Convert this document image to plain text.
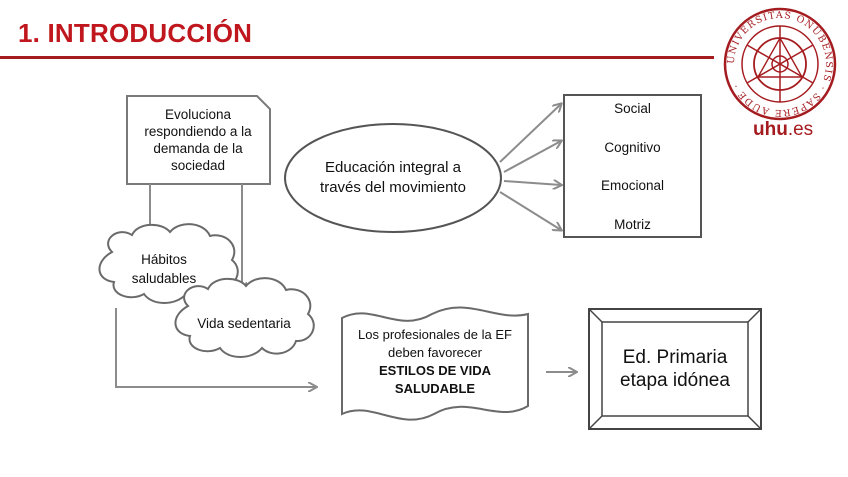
1. INTRODUCCIÓN
UNIVERSITAS ONUBENSIS · SAPERE AUDE ·
uhu.es
Evoluciona respondiendo a la demanda de la sociedad	Educación integral a través del movimiento
Social
Cognitivo
Emocional
Motriz
Hábitos saludables
Vida sedentaria
Los profesionales de la EF deben favorecer
ESTILOS DE VIDA SALUDABLE
Ed. Primaria etapa idónea
